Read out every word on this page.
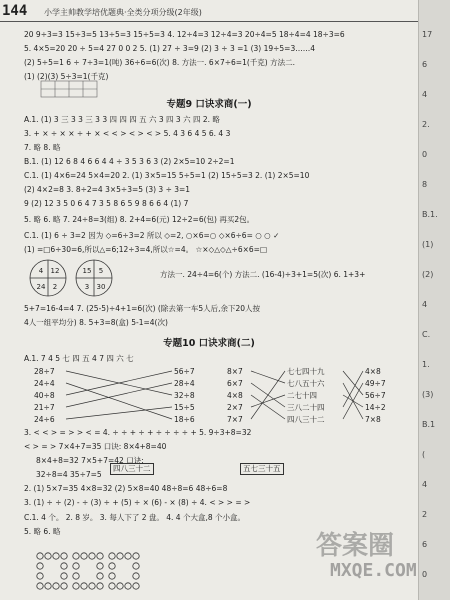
144 小学主帅教学培优题典·全类分项分级(2年级)
20 9÷3=3 15÷3=5 13÷5=3 15÷5=3 4. 12÷4=3 12÷4=3 20÷4=5 18÷4=4 18÷3=6
5. 4×5=20 20 ÷ 5=4 27 0 0 2 5. (1) 27 ÷ 3=9 (2) 3 ÷ 3 =1 (3) 19÷5=3……4
(2) 5÷5=1 6 ÷ 7÷3=1(吨) 36÷6=6(次) 8. 方法一. 6×7÷6=1(千克) 方法二.
(1) (2)(3) 5÷3=1(千克)
专题9 口诀求商(一)
A.1. (1) 3 三 3 3 三 3 3 四 四 四 五 六 3 四 3 六 四 2. 略
3. + × ÷ × × ÷ + × < < > < > < > 5. 4 3 6 4 5 6. 4 3
7. 略 8. 略
B.1. (1) 12 6 8 4 6 6 4 4 ÷ 3 5 3 6 3 (2) 2×5=10 2÷2=1
C.1. (1) 4×6=24 5×4=20 2. (1) 3×5=15 5÷5=1 (2) 15÷5=3 2. (1) 2×5=10
(2) 4×2=8 3. 8÷2=4 3×5÷3=5 (3) 3 ÷ 3=1
9 (2) 12 3 5 0 6 4 7 3 5 8 6 5 9 8 6 6 4 (1) 7
5. 略 6. 略 7. 24÷8=3(组) 8. 2+4=6(元) 12÷2=6(包) 再买2包。
C.1. (1) 6 ÷ 3=2 因为 ◇=6÷3=2 所以 ◇=2, ○×6=○ ◇×6÷6= ○ ○ ✓
(1) =□6÷30=6,所以△=6;12÷3=4,所以☆=4。 ☆×◇△◇△÷6×6=□
4 12
24 2
15 5
3 30
方法一. 24÷4=6(个) 方法二. (16-4)÷3+1=5(次) 6. 1+3+
5+7=16-4=4 7. (25-5)÷4+1=6(次) (除去第一车5人后,余下20人按
4人一组平均分) 8. 5+3=8(盒) 5-1=4(次)
专题10 口诀求商(二)
A.1. 7 4 5 七 四 五 4 7 四 六 七
28÷7
24÷4
40÷8
21÷7
24÷6
56÷7
28÷4
32÷8
15÷5
18÷6
8×7
6×7
4×8
2×7
7×7
七七四十九
七八五十六
二七十四
三八二十四
四八三十二
4×8
49÷7
56÷7
14÷2
7×8
3. < < > = > > < = 4. ÷ ÷ + ÷ + ÷ ÷ ÷ ÷ + 5. 9÷3+8=32
< > = > 7×4+7=35 口诀: 8×4+8=40
8×4+8=32 7×5+7=42 口诀:
32÷8=4 35÷7=5
四八三十二	五七三十五
2. (1) 5×7=35 4×8=32 (2) 5×8=40 48÷8=6 48÷6=8
3. (1) ÷ ÷ (2) - ÷ (3) ÷ + (5) ÷ × (6) - × (8) ÷ 4. < > > = >
C.1. 4 个。 2. 8 岁。 3. 每人下了 2 盘。 4. 4 个大盒,8 个小盒。
5. 略 6. 略	答案圈
MXQE.COM
17
6
4
2.
0
8
B.1.
(1)
(2)
4
C.
1.
(3)
B.1
(
4
2
6
0
